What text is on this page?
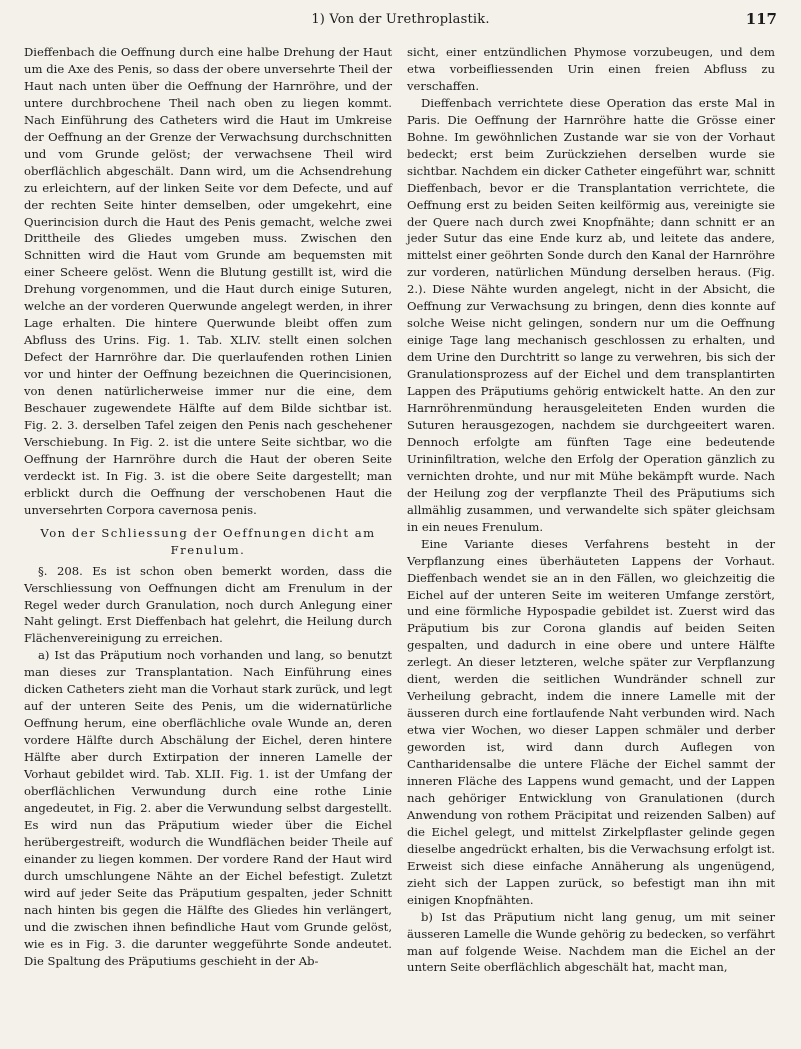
1) Von der Urethroplastik.	117

Dieffenbach die Oeffnung durch eine halbe Drehung der Haut um die Axe des Penis, so dass der obere unversehrte Theil der Haut nach unten über die Oeffnung der Harnröhre, und der untere durchbrochene Theil nach oben zu liegen kommt. Nach Einführung des Catheters wird die Haut im Umkreise der Oeffnung an der Grenze der Verwachsung durchschnitten und vom Grunde gelöst; der verwachsene Theil wird oberflächlich abgeschält. Dann wird, um die Achsendrehung zu erleichtern, auf der linken Seite vor dem Defecte, und auf der rechten Seite hinter demselben, oder umgekehrt, eine Querincision durch die Haut des Penis gemacht, welche zwei Drittheile des Gliedes umgeben muss. Zwischen den Schnitten wird die Haut vom Grunde am bequemsten mit einer Scheere gelöst. Wenn die Blutung gestillt ist, wird die Drehung vorgenommen, und die Haut durch einige Suturen, welche an der vorderen Querwunde angelegt werden, in ihrer Lage erhalten. Die hintere Querwunde bleibt offen zum Abfluss des Urins. Fig. 1. Tab. XLIV. stellt einen solchen Defect der Harnröhre dar. Die querlaufenden rothen Linien vor und hinter der Oeffnung bezeichnen die Querincisionen, von denen natürlicherweise immer nur die eine, dem Beschauer zugewendete Hälfte auf dem Bilde sichtbar ist. Fig. 2. 3. derselben Tafel zeigen den Penis nach geschehener Verschiebung. In Fig. 2. ist die untere Seite sichtbar, wo die Oeffnung der Harnröhre durch die Haut der oberen Seite verdeckt ist. In Fig. 3. ist die obere Seite dargestellt; man erblickt durch die Oeffnung der verschobenen Haut die unversehrten Corpora cavernosa penis.

Von der Schliessung der Oeffnungen dicht am Frenulum.

§. 208. Es ist schon oben bemerkt worden, dass die Verschliessung von Oeffnungen dicht am Frenulum in der Regel weder durch Granulation, noch durch Anlegung einer Naht gelingt. Erst Dieffenbach hat gelehrt, die Heilung durch Flächenvereinigung zu erreichen.

a) Ist das Präputium noch vorhanden und lang, so benutzt man dieses zur Transplantation. Nach Einführung eines dicken Catheters zieht man die Vorhaut stark zurück, und legt auf der unteren Seite des Penis, um die widernatürliche Oeffnung herum, eine oberflächliche ovale Wunde an, deren vordere Hälfte durch Abschälung der Eichel, deren hintere Hälfte aber durch Extirpation der inneren Lamelle der Vorhaut gebildet wird. Tab. XLII. Fig. 1. ist der Umfang der oberflächlichen Verwundung durch eine rothe Linie angedeutet, in Fig. 2. aber die Verwundung selbst dargestellt. Es wird nun das Präputium wieder über die Eichel herübergestreift, wodurch die Wundflächen beider Theile auf einander zu liegen kommen. Der vordere Rand der Haut wird durch umschlungene Nähte an der Eichel befestigt. Zuletzt wird auf jeder Seite das Präputium gespalten, jeder Schnitt nach hinten bis gegen die Hälfte des Gliedes hin verlängert, und die zwischen ihnen befindliche Haut vom Grunde gelöst, wie es in Fig. 3. die darunter weggeführte Sonde andeutet. Die Spaltung des Präputiums geschieht in der Ab-

sicht, einer entzündlichen Phymose vorzubeugen, und dem etwa vorbeifliessenden Urin einen freien Abfluss zu verschaffen.

Dieffenbach verrichtete diese Operation das erste Mal in Paris. Die Oeffnung der Harnröhre hatte die Grösse einer Bohne. Im gewöhnlichen Zustande war sie von der Vorhaut bedeckt; erst beim Zurückziehen derselben wurde sie sichtbar. Nachdem ein dicker Catheter eingeführt war, schnitt Dieffenbach, bevor er die Transplantation verrichtete, die Oeffnung erst zu beiden Seiten keilförmig aus, vereinigte sie der Quere nach durch zwei Knopfnähte; dann schnitt er an jeder Sutur das eine Ende kurz ab, und leitete das andere, mittelst einer geöhrten Sonde durch den Kanal der Harnröhre zur vorderen, natürlichen Mündung derselben heraus. (Fig. 2.). Diese Nähte wurden angelegt, nicht in der Absicht, die Oeffnung zur Verwachsung zu bringen, denn dies konnte auf solche Weise nicht gelingen, sondern nur um die Oeffnung einige Tage lang mechanisch geschlossen zu erhalten, und dem Urine den Durchtritt so lange zu verwehren, bis sich der Granulationsprozess auf der Eichel und dem transplantirten Lappen des Präputiums gehörig entwickelt hatte. An den zur Harnröhrenmündung herausgeleiteten Enden wurden die Suturen herausgezogen, nachdem sie durchgeeitert waren. Dennoch erfolgte am fünften Tage eine bedeutende Urininfiltration, welche den Erfolg der Operation gänzlich zu vernichten drohte, und nur mit Mühe bekämpft wurde. Nach der Heilung zog der verpflanzte Theil des Präputiums sich allmählig zusammen, und verwandelte sich später gleichsam in ein neues Frenulum.

Eine Variante dieses Verfahrens besteht in der Verpflanzung eines überhäuteten Lappens der Vorhaut. Dieffenbach wendet sie an in den Fällen, wo gleichzeitig die Eichel auf der unteren Seite im weiteren Umfange zerstört, und eine förmliche Hypospadie gebildet ist. Zuerst wird das Präputium bis zur Corona glandis auf beiden Seiten gespalten, und dadurch in eine obere und untere Hälfte zerlegt. An dieser letzteren, welche später zur Verpflanzung dient, werden die seitlichen Wundränder schnell zur Verheilung gebracht, indem die innere Lamelle mit der äusseren durch eine fortlaufende Naht verbunden wird. Nach etwa vier Wochen, wo dieser Lappen schmäler und derber geworden ist, wird dann durch Auflegen von Cantharidensalbe die untere Fläche der Eichel sammt der inneren Fläche des Lappens wund gemacht, und der Lappen nach gehöriger Entwicklung von Granulationen (durch Anwendung von rothem Präcipitat und reizenden Salben) auf die Eichel gelegt, und mittelst Zirkelpflaster gelinde gegen dieselbe angedrückt erhalten, bis die Verwachsung erfolgt ist. Erweist sich diese einfache Annäherung als ungenügend, zieht sich der Lappen zurück, so befestigt man ihn mit einigen Knopfnähten.

b) Ist das Präputium nicht lang genug, um mit seiner äusseren Lamelle die Wunde gehörig zu bedecken, so verfährt man auf folgende Weise. Nachdem man die Eichel an der untern Seite oberflächlich abgeschält hat, macht man,
